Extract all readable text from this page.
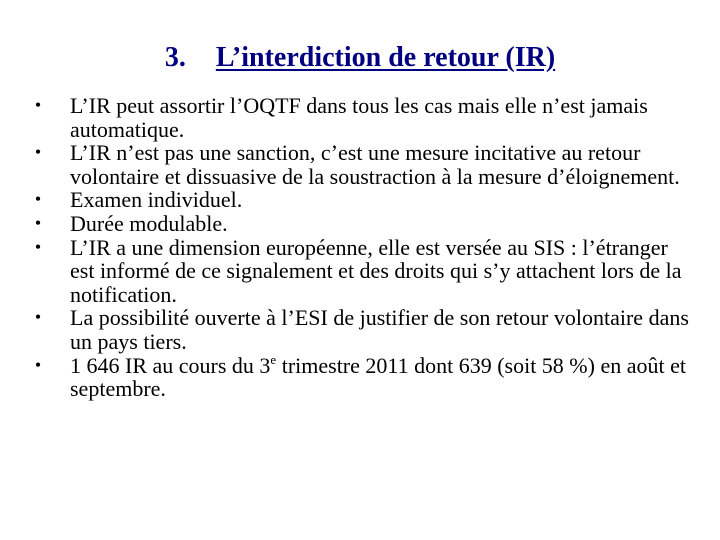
3. L’interdiction de retour (IR)
•	L’IR peut assortir l’OQTF dans tous les cas mais elle n’est jamais automatique.
•	L’IR n’est pas une sanction, c’est une mesure incitative au retour volontaire et dissuasive de la soustraction à la mesure d’éloignement.
•	Examen individuel.
•	Durée modulable.
•	L’IR a une dimension européenne, elle est versée au SIS : l’étranger est informé de ce signalement et des droits qui s’y attachent lors de la notification.
•	La possibilité ouverte à l’ESI de justifier de son retour volontaire dans un pays tiers.
•	1 646 IR au cours du 3e trimestre 2011 dont 639 (soit 58 %) en août et septembre.
